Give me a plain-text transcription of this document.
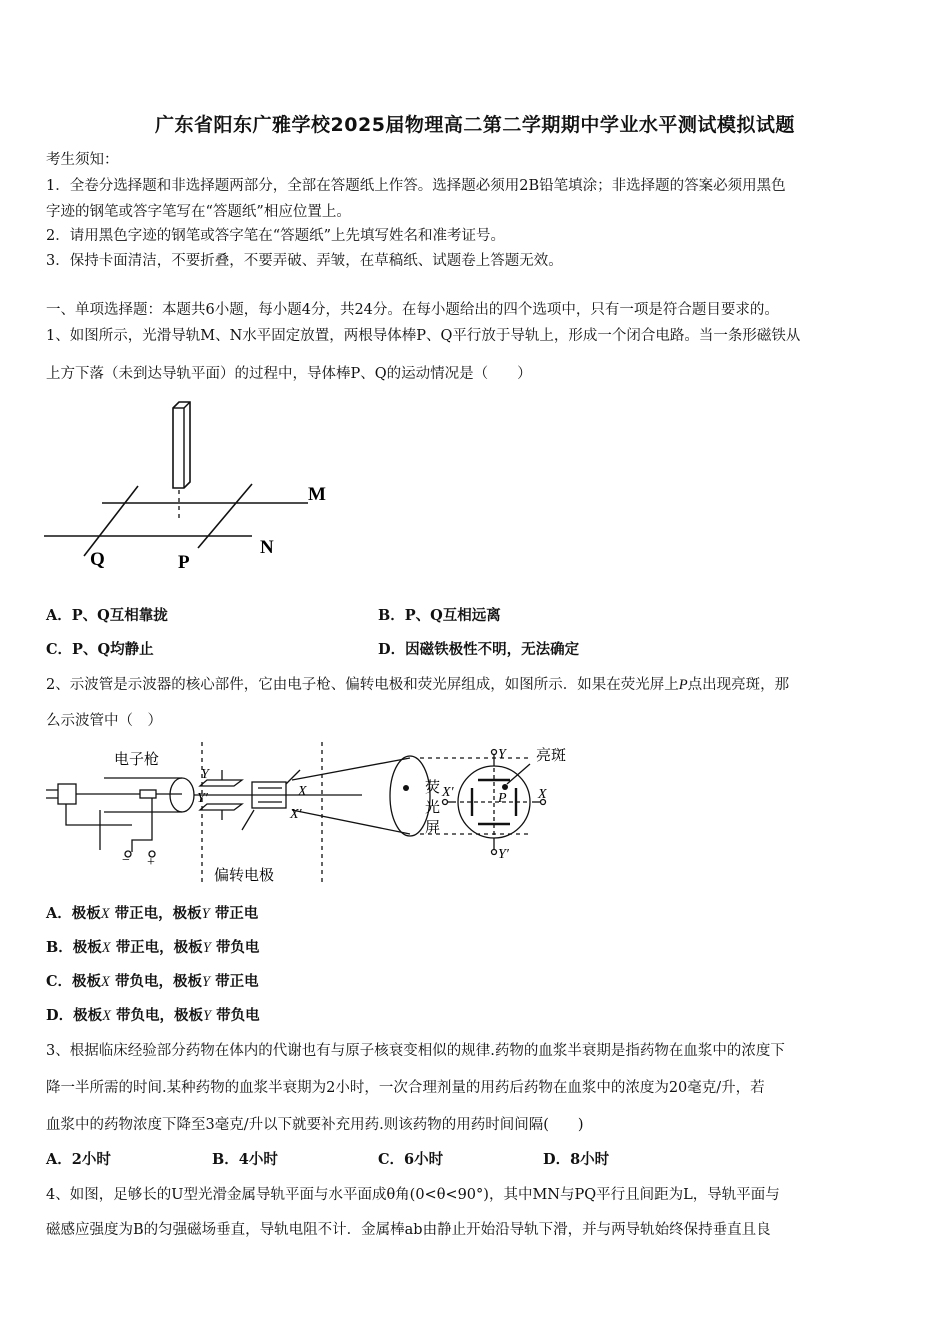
广东省阳东广雅学校2025届物理高二第二学期期中学业水平测试模拟试题
考生须知：
1．全卷分选择题和非选择题两部分，全部在答题纸上作答。选择题必须用2B铅笔填涂；非选择题的答案必须用黑色
字迹的钢笔或答字笔写在“答题纸”相应位置上。
2．请用黑色字迹的钢笔或答字笔在“答题纸”上先填写姓名和准考证号。
3．保持卡面清洁，不要折叠，不要弄破、弄皱，在草稿纸、试题卷上答题无效。
一、单项选择题：本题共6小题，每小题4分，共24分。在每小题给出的四个选项中，只有一项是符合题目要求的。
1、如图所示，光滑导轨M、N水平固定放置，两根导体棒P、Q平行放于导轨上，形成一个闭合电路。当一条形磁铁从
上方下落（未到达导轨平面）的过程中，导体棒P、Q的运动情况是（　　）
M
N
Q	P
A．P、Q互相靠拢	B．P、Q互相远离
C．P、Q均静止	D．因磁铁极性不明，无法确定
2、示波管是示波器的核心部件，它由电子枪、偏转电极和荧光屏组成，如图所示．如果在荧光屏上P点出现亮斑，那
么示波管中（　）
电子枪
偏转电极
荧
光
屏
亮斑
− +
Y
Y′	X
X′
Y
Y′
X′	X
P
A．极板X 带正电，极板Y 带正电
B．极板X 带正电，极板Y 带负电
C．极板X 带负电，极板Y 带正电
D．极板X 带负电，极板Y 带负电
3、根据临床经验部分药物在体内的代谢也有与原子核衰变相似的规律.药物的血浆半衰期是指药物在血浆中的浓度下
降一半所需的时间.某种药物的血浆半衰期为2小时，一次合理剂量的用药后药物在血浆中的浓度为20毫克/升，若
血浆中的药物浓度下降至3毫克/升以下就要补充用药.则该药物的用药时间间隔(　　)
A．2小时	B．4小时	C．6小时	D．8小时
4、如图，足够长的U型光滑金属导轨平面与水平面成θ角(0<θ<90°)，其中MN与PQ平行且间距为L，导轨平面与
磁感应强度为B的匀强磁场垂直，导轨电阻不计．金属棒ab由静止开始沿导轨下滑，并与两导轨始终保持垂直且良
